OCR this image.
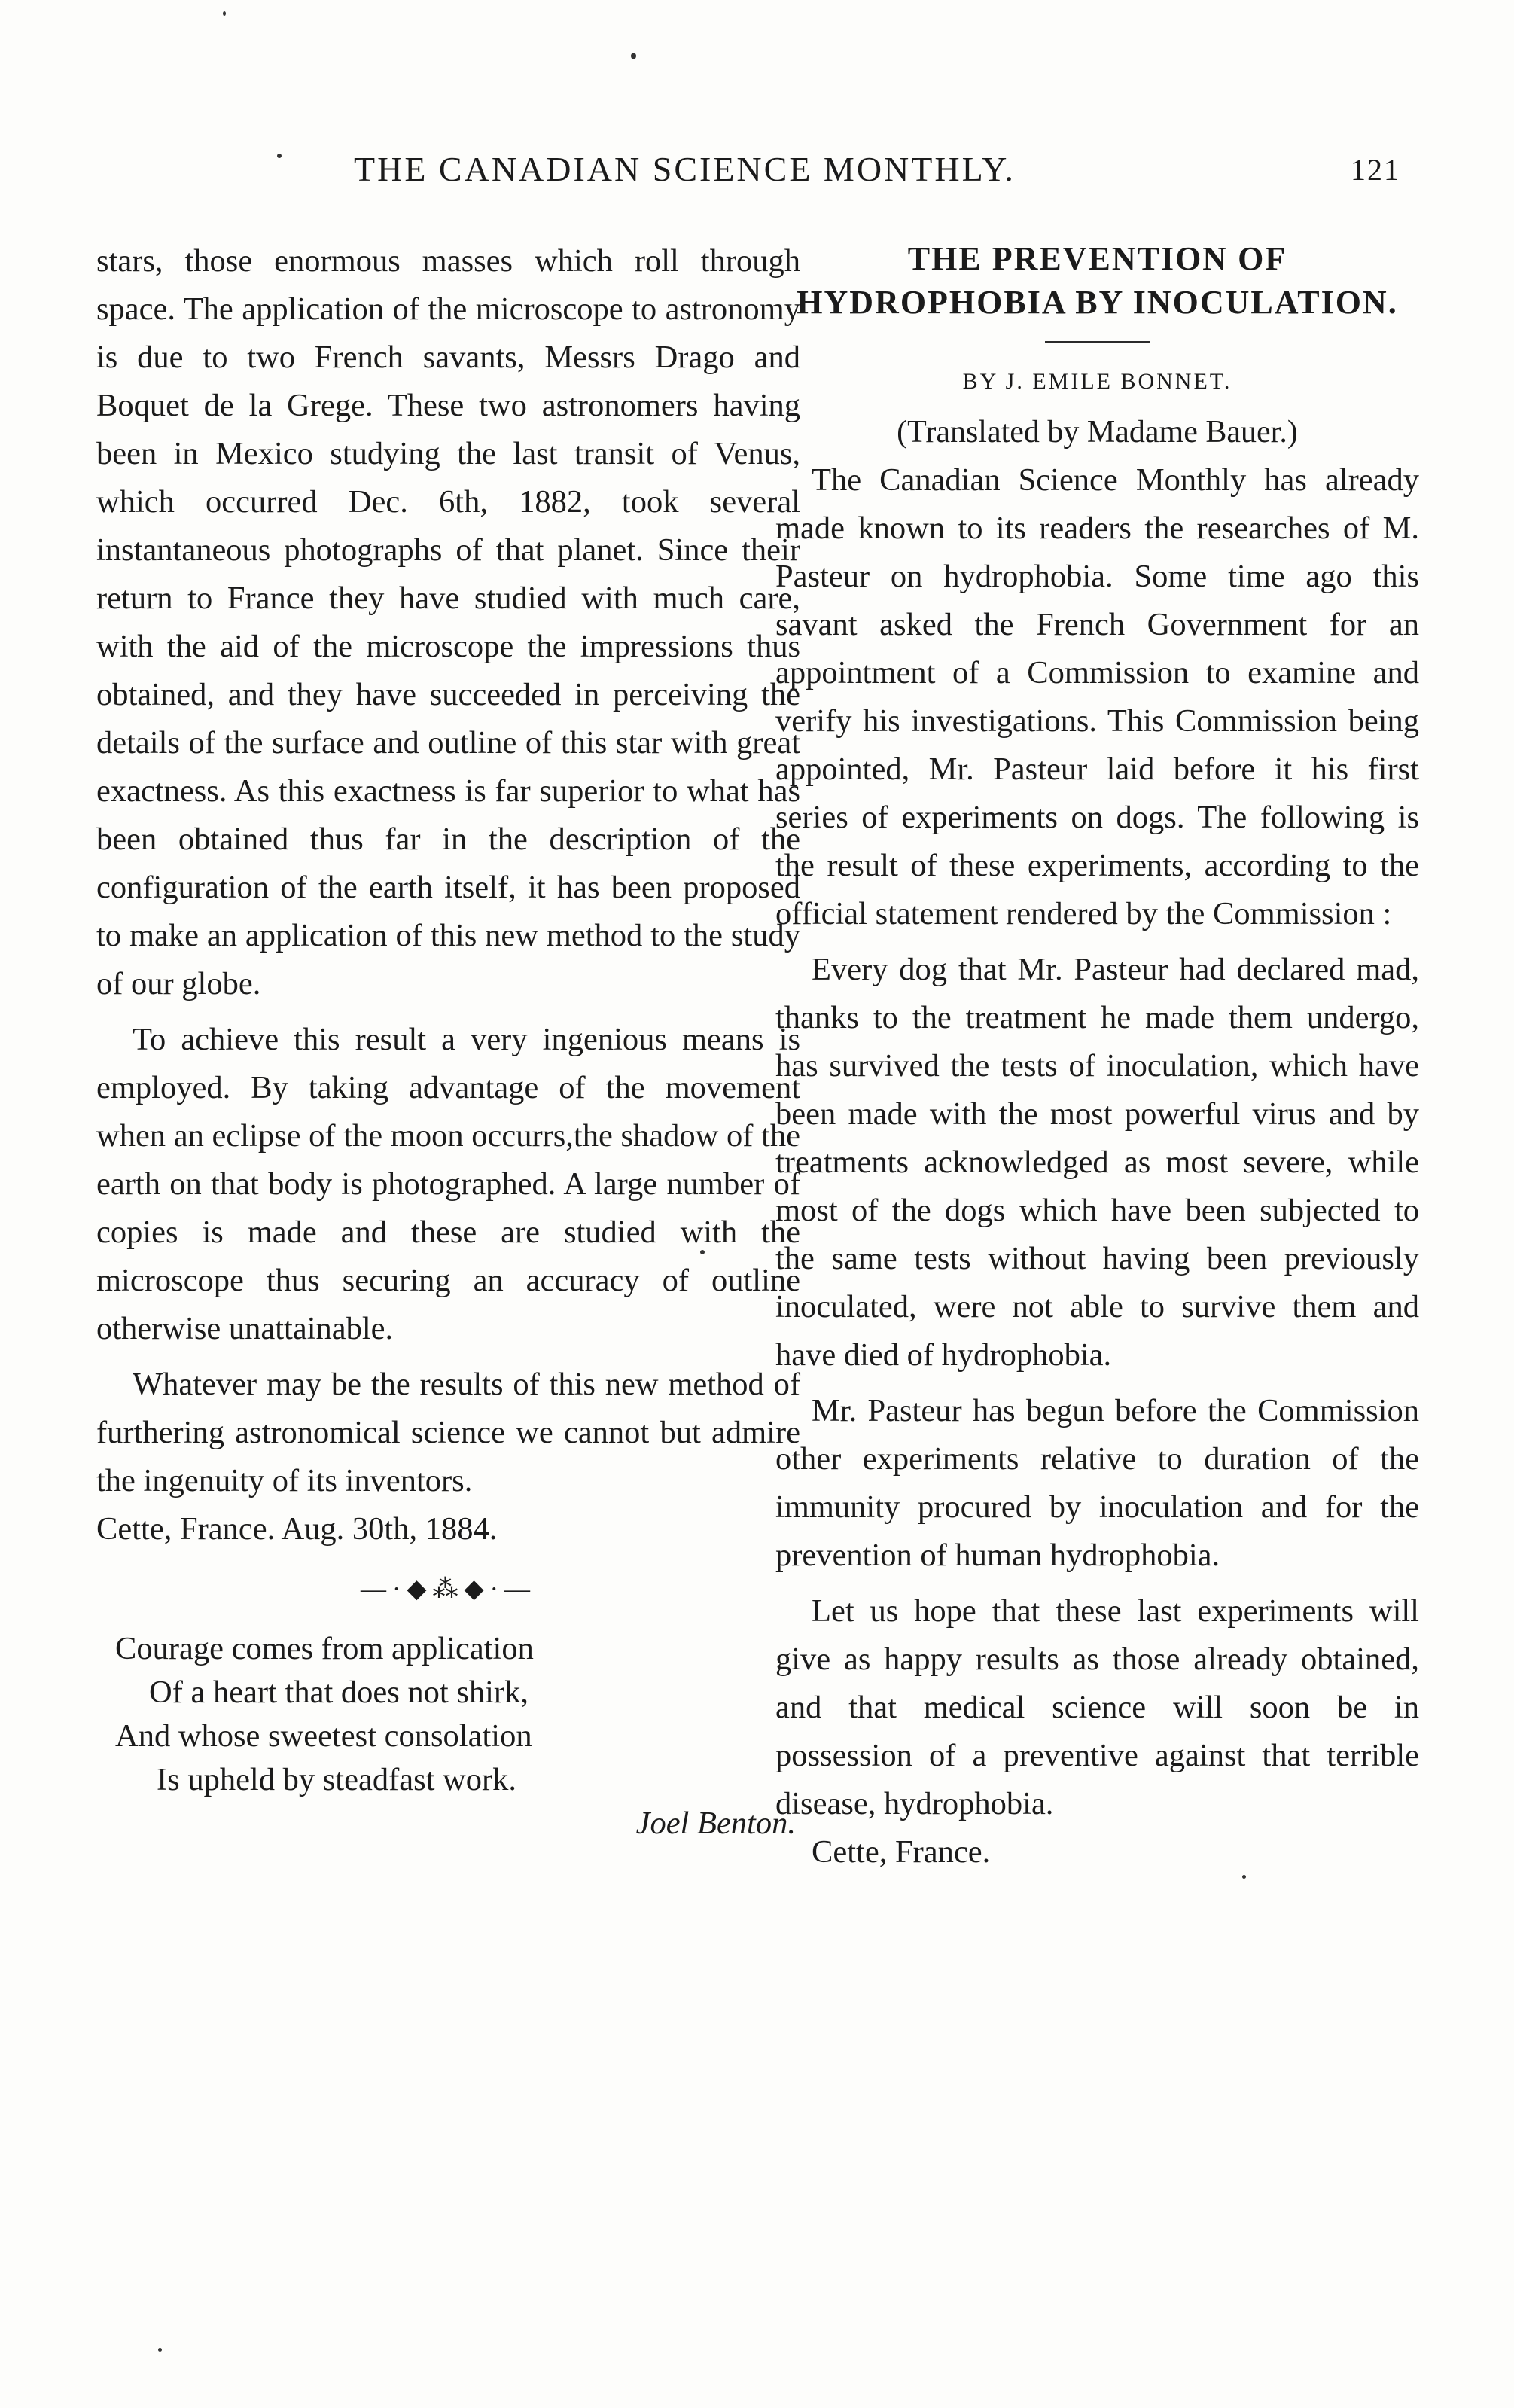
THE CANADIAN SCIENCE MONTHLY.	121

stars, those enormous masses which roll through space. The application of the microscope to astronomy is due to two French savants, Messrs Drago and Boquet de la Grege. These two astronomers having been in Mexico studying the last transit of Venus, which occurred Dec. 6th, 1882, took several instantaneous photographs of that planet. Since their return to France they have studied with much care, with the aid of the microscope the impressions thus obtained, and they have succeeded in perceiving the details of the surface and outline of this star with great exactness. As this exactness is far superior to what has been obtained thus far in the description of the configuration of the earth itself, it has been proposed to make an application of this new method to the study of our globe.

To achieve this result a very ingenious means is employed. By taking advantage of the movement when an eclipse of the moon occurrs,the shadow of the earth on that body is photographed. A large number of copies is made and these are studied with the microscope thus securing an accuracy of outline otherwise unattainable.

Whatever may be the results of this new method of furthering astronomical science we cannot but admire the ingenuity of its inventors.

Cette, France. Aug. 30th, 1884.

—·◆⁂◆·—
Courage comes from application
Of a heart that does not shirk,
And whose sweetest consolation
Is upheld by steadfast work.
Joel Benton.
THE PREVENTION OF HYDROPHOBIA BY INOCULATION.

BY J. EMILE BONNET.

(Translated by Madame Bauer.)

The Canadian Science Monthly has already made known to its readers the researches of M. Pasteur on hydrophobia. Some time ago this savant asked the French Government for an appointment of a Commission to examine and verify his investigations. This Commission being appointed, Mr. Pasteur laid before it his first series of experiments on dogs. The following is the result of these experiments, according to the official statement rendered by the Commission :

Every dog that Mr. Pasteur had declared mad, thanks to the treatment he made them undergo, has survived the tests of inoculation, which have been made with the most powerful virus and by treatments acknowledged as most severe, while most of the dogs which have been subjected to the same tests without having been previously inoculated, were not able to survive them and have died of hydrophobia.

Mr. Pasteur has begun before the Commission other experiments relative to duration of the immunity procured by inoculation and for the prevention of human hydrophobia.

Let us hope that these last experiments will give as happy results as those already obtained, and that medical science will soon be in possession of a preventive against that terrible disease, hydrophobia.

Cette, France.
